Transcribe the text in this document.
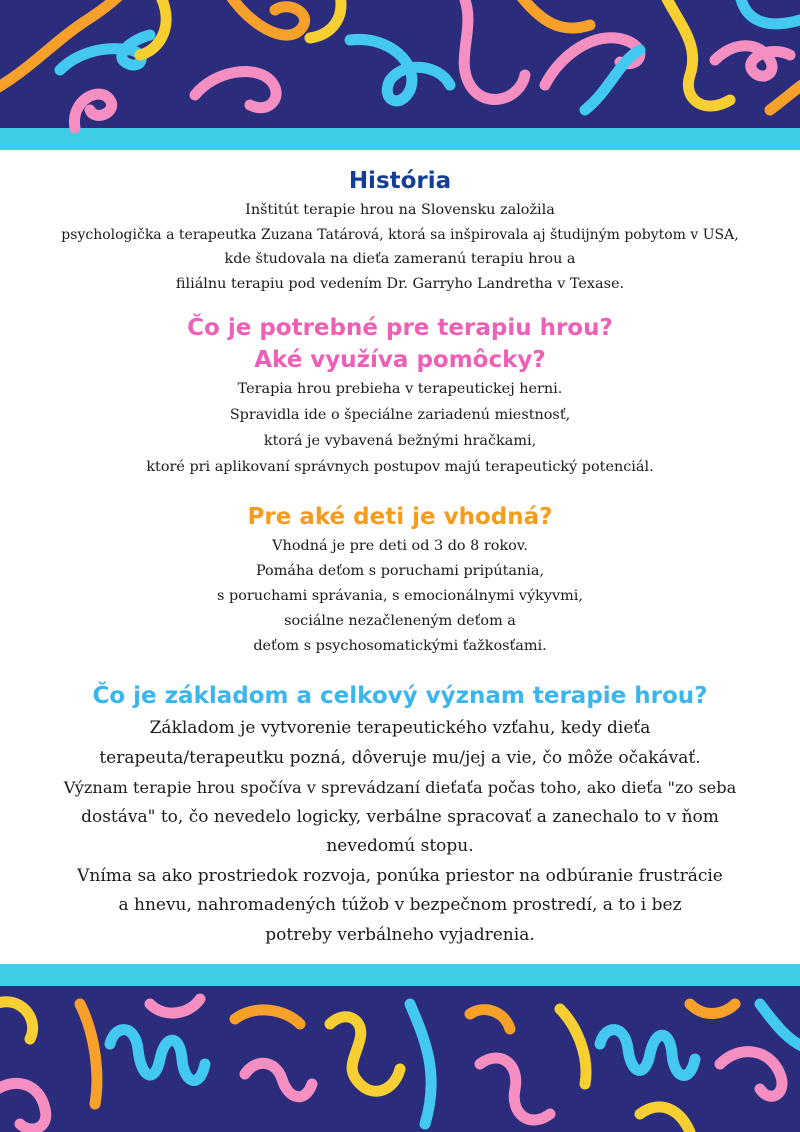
História

Inštitút terapie hrou na Slovensku založila
psychologička a terapeutka Zuzana Tatárová, ktorá sa inšpirovala aj študijným pobytom v USA,
kde študovala na dieťa zameranú terapiu hrou a
filiálnu terapiu pod vedením Dr. Garryho Landretha v Texase.

Čo je potrebné pre terapiu hrou?
Aké využíva pomôcky?

Terapia hrou prebieha v terapeutickej herni.
Spravidla ide o špeciálne zariadenú miestnosť,
ktorá je vybavená bežnými hračkami,
ktoré pri aplikovaní správnych postupov majú terapeutický potenciál.

Pre aké deti je vhodná?

Vhodná je pre deti od 3 do 8 rokov.
Pomáha deťom s poruchami pripútania,
s poruchami správania, s emocionálnymi výkyvmi,
sociálne nezačleneným deťom a
deťom s psychosomatickými ťažkosťami.

Čo je základom a celkový význam terapie hrou?

Základom je vytvorenie terapeutického vzťahu, kedy dieťa
terapeuta/terapeutku pozná, dôveruje mu/jej a vie, čo môže očakávať.
Význam terapie hrou spočíva v sprevádzaní dieťaťa počas toho, ako dieťa "zo seba
dostáva" to, čo nevedelo logicky, verbálne spracovať a zanechalo to v ňom
nevedomú stopu.
Vníma sa ako prostriedok rozvoja, ponúka priestor na odbúranie frustrácie
a hnevu, nahromadených túžob v bezpečnom prostredí, a to i bez
potreby verbálneho vyjadrenia.
